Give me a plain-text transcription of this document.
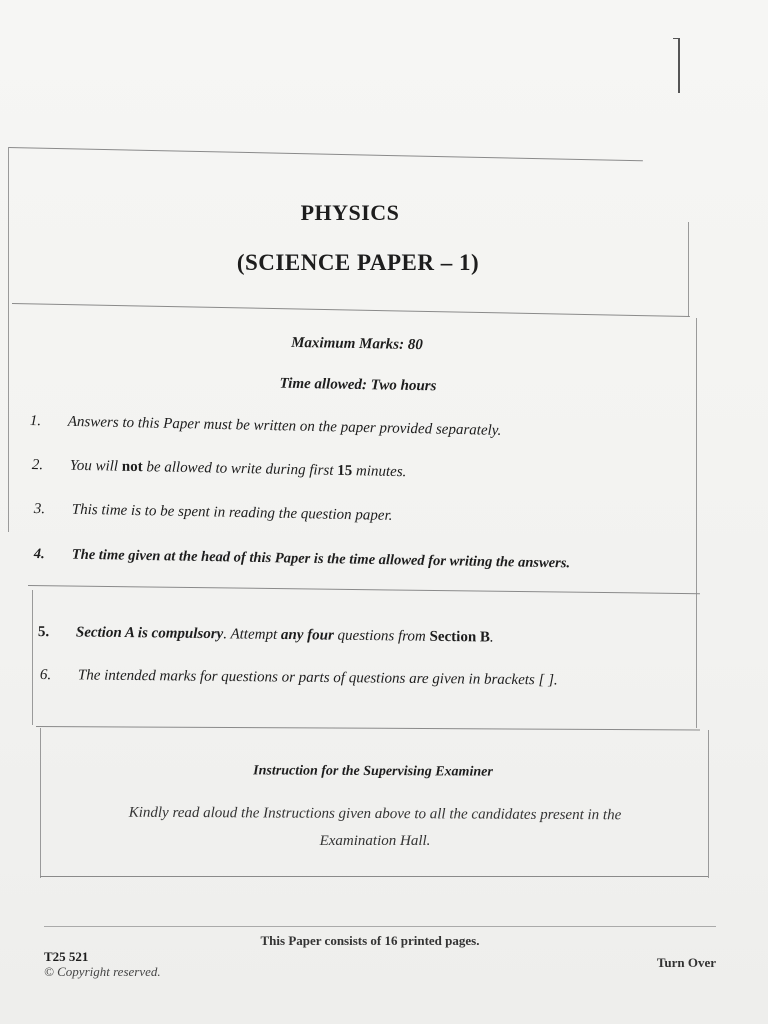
PHYSICS
(SCIENCE PAPER – 1)
Maximum Marks: 80
Time allowed: Two hours
1. Answers to this Paper must be written on the paper provided separately.
2. You will not be allowed to write during first 15 minutes.
3. This time is to be spent in reading the question paper.
4. The time given at the head of this Paper is the time allowed for writing the answers.
5. Section A is compulsory. Attempt any four questions from Section B.
6. The intended marks for questions or parts of questions are given in brackets [ ].
Instruction for the Supervising Examiner
Kindly read aloud the Instructions given above to all the candidates present in the
Examination Hall.
This Paper consists of 16 printed pages.
T25 521
© Copyright reserved.
Turn Over
